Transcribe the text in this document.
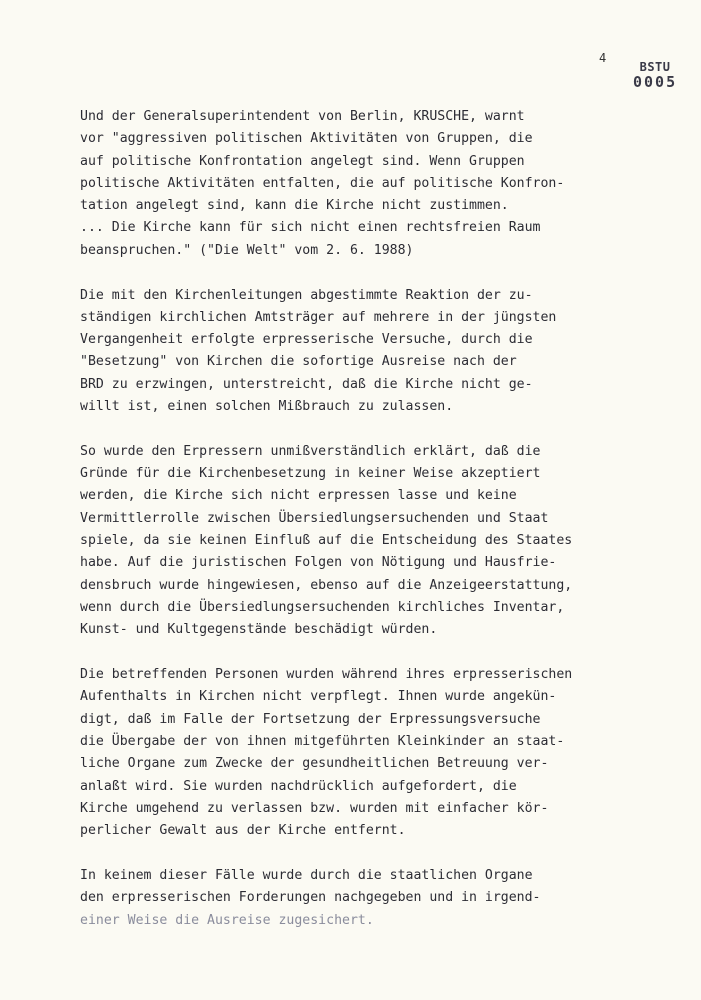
4
BSTU
0005
Und der Generalsuperintendent von Berlin, KRUSCHE, warnt
vor "aggressiven politischen Aktivitäten von Gruppen, die
auf politische Konfrontation angelegt sind. Wenn Gruppen
politische Aktivitäten entfalten, die auf politische Konfron-
tation angelegt sind, kann die Kirche nicht zustimmen.
... Die Kirche kann für sich nicht einen rechtsfreien Raum
beanspruchen." ("Die Welt" vom 2. 6. 1988)
Die mit den Kirchenleitungen abgestimmte Reaktion der zu-
ständigen kirchlichen Amtsträger auf mehrere in der jüngsten
Vergangenheit erfolgte erpresserische Versuche, durch die
"Besetzung" von Kirchen die sofortige Ausreise nach der
BRD zu erzwingen, unterstreicht, daß die Kirche nicht ge-
willt ist, einen solchen Mißbrauch zu zulassen.
So wurde den Erpressern unmißverständlich erklärt, daß die
Gründe für die Kirchenbesetzung in keiner Weise akzeptiert
werden, die Kirche sich nicht erpressen lasse und keine
Vermittlerrolle zwischen Übersiedlungsersuchenden und Staat
spiele, da sie keinen Einfluß auf die Entscheidung des Staates
habe. Auf die juristischen Folgen von Nötigung und Hausfrie-
densbruch wurde hingewiesen, ebenso auf die Anzeigeerstattung,
wenn durch die Übersiedlungsersuchenden kirchliches Inventar,
Kunst- und Kultgegenstände beschädigt würden.
Die betreffenden Personen wurden während ihres erpresserischen
Aufenthalts in Kirchen nicht verpflegt. Ihnen wurde angekün-
digt, daß im Falle der Fortsetzung der Erpressungsversuche
die Übergabe der von ihnen mitgeführten Kleinkinder an staat-
liche Organe zum Zwecke der gesundheitlichen Betreuung ver-
anlaßt wird. Sie wurden nachdrücklich aufgefordert, die
Kirche umgehend zu verlassen bzw. wurden mit einfacher kör-
perlicher Gewalt aus der Kirche entfernt.
In keinem dieser Fälle wurde durch die staatlichen Organe
den erpresserischen Forderungen nachgegeben und in irgend-
einer Weise die Ausreise zugesichert.
